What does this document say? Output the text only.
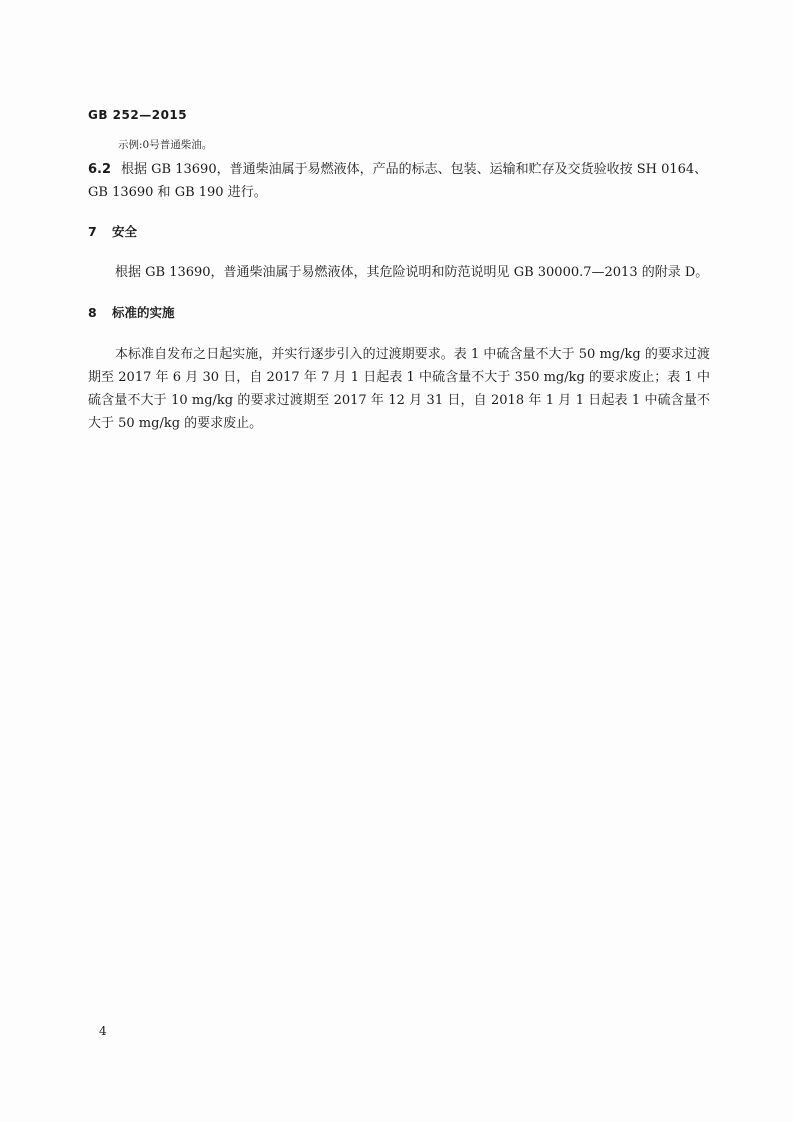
GB 252—2015
示例:0号普通柴油。
6.2 根据 GB 13690，普通柴油属于易燃液体，产品的标志、包装、运输和贮存及交货验收按 SH 0164、GB 13690 和 GB 190 进行。
7 安全
根据 GB 13690，普通柴油属于易燃液体，其危险说明和防范说明见 GB 30000.7—2013 的附录 D。
8 标准的实施
本标准自发布之日起实施，并实行逐步引入的过渡期要求。表 1 中硫含量不大于 50 mg/kg 的要求过渡期至 2017 年 6 月 30 日，自 2017 年 7 月 1 日起表 1 中硫含量不大于 350 mg/kg 的要求废止；表 1 中硫含量不大于 10 mg/kg 的要求过渡期至 2017 年 12 月 31 日，自 2018 年 1 月 1 日起表 1 中硫含量不大于 50 mg/kg 的要求废止。
4
